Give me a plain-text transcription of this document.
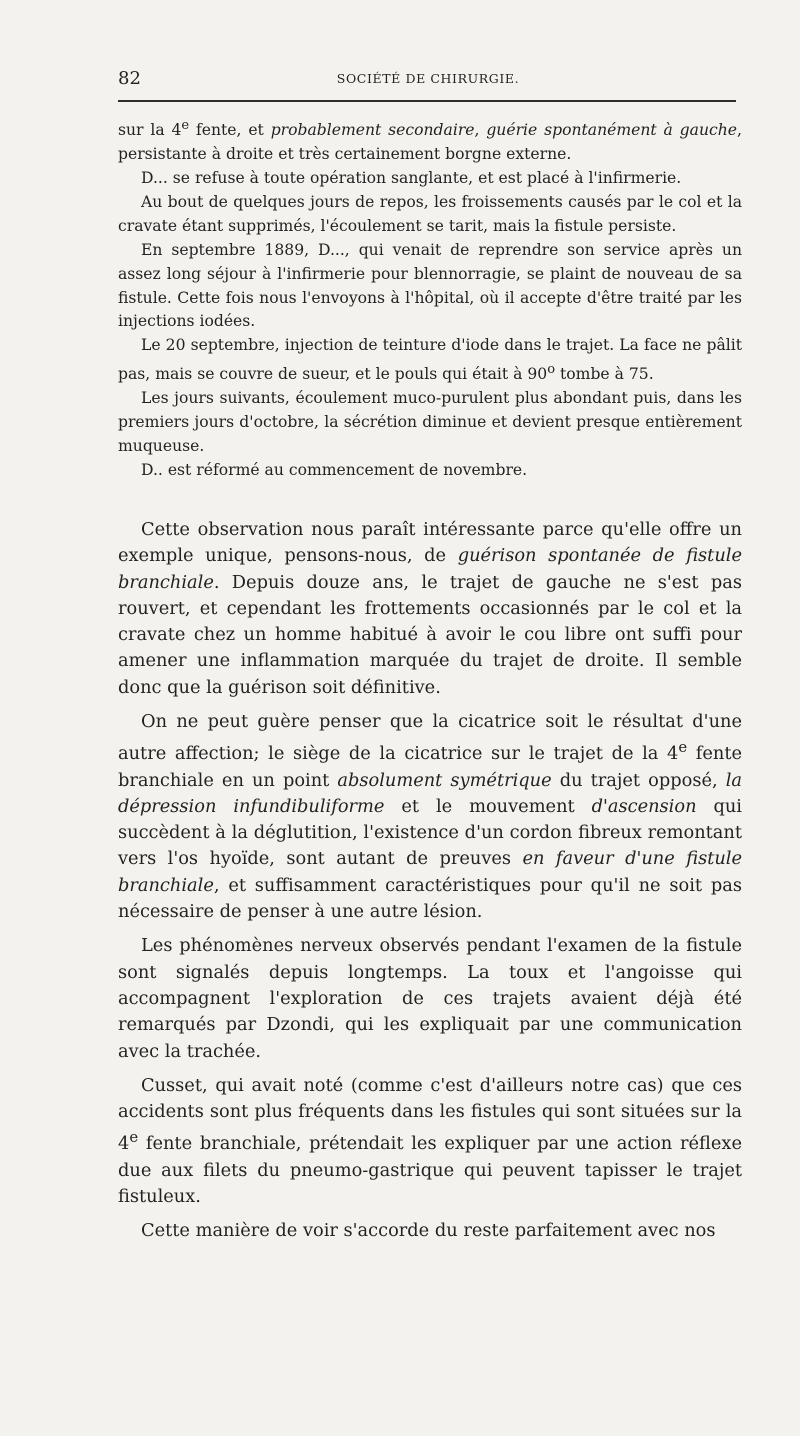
82	SOCIÉTÉ DE CHIRURGIE.

sur la 4e fente, et probablement secondaire, guérie spontanément à gauche, persistante à droite et très certainement borgne externe.

D... se refuse à toute opération sanglante, et est placé à l'infirmerie.

Au bout de quelques jours de repos, les froissements causés par le col et la cravate étant supprimés, l'écoulement se tarit, mais la fistule persiste.

En septembre 1889, D..., qui venait de reprendre son service après un assez long séjour à l'infirmerie pour blennorragie, se plaint de nouveau de sa fistule. Cette fois nous l'envoyons à l'hôpital, où il accepte d'être traité par les injections iodées.

Le 20 septembre, injection de teinture d'iode dans le trajet. La face ne pâlit pas, mais se couvre de sueur, et le pouls qui était à 90$^o$ tombe à 75.

Les jours suivants, écoulement muco-purulent plus abondant puis, dans les premiers jours d'octobre, la sécrétion diminue et devient presque entièrement muqueuse.

D.. est réformé au commencement de novembre.

Cette observation nous paraît intéressante parce qu'elle offre un exemple unique, pensons-nous, de guérison spontanée de fistule branchiale. Depuis douze ans, le trajet de gauche ne s'est pas rouvert, et cependant les frottements occasionnés par le col et la cravate chez un homme habitué à avoir le cou libre ont suffi pour amener une inflammation marquée du trajet de droite. Il semble donc que la guérison soit définitive.

On ne peut guère penser que la cicatrice soit le résultat d'une autre affection; le siège de la cicatrice sur le trajet de la 4e fente branchiale en un point absolument symétrique du trajet opposé, la dépression infundibuliforme et le mouvement d'ascension qui succèdent à la déglutition, l'existence d'un cordon fibreux remontant vers l'os hyoïde, sont autant de preuves en faveur d'une fistule branchiale, et suffisamment caractéristiques pour qu'il ne soit pas nécessaire de penser à une autre lésion.

Les phénomènes nerveux observés pendant l'examen de la fistule sont signalés depuis longtemps. La toux et l'angoisse qui accompagnent l'exploration de ces trajets avaient déjà été remarqués par Dzondi, qui les expliquait par une communication avec la trachée.

Cusset, qui avait noté (comme c'est d'ailleurs notre cas) que ces accidents sont plus fréquents dans les fistules qui sont situées sur la 4e fente branchiale, prétendait les expliquer par une action réflexe due aux filets du pneumo-gastrique qui peuvent tapisser le trajet fistuleux.

Cette manière de voir s'accorde du reste parfaitement avec nos
